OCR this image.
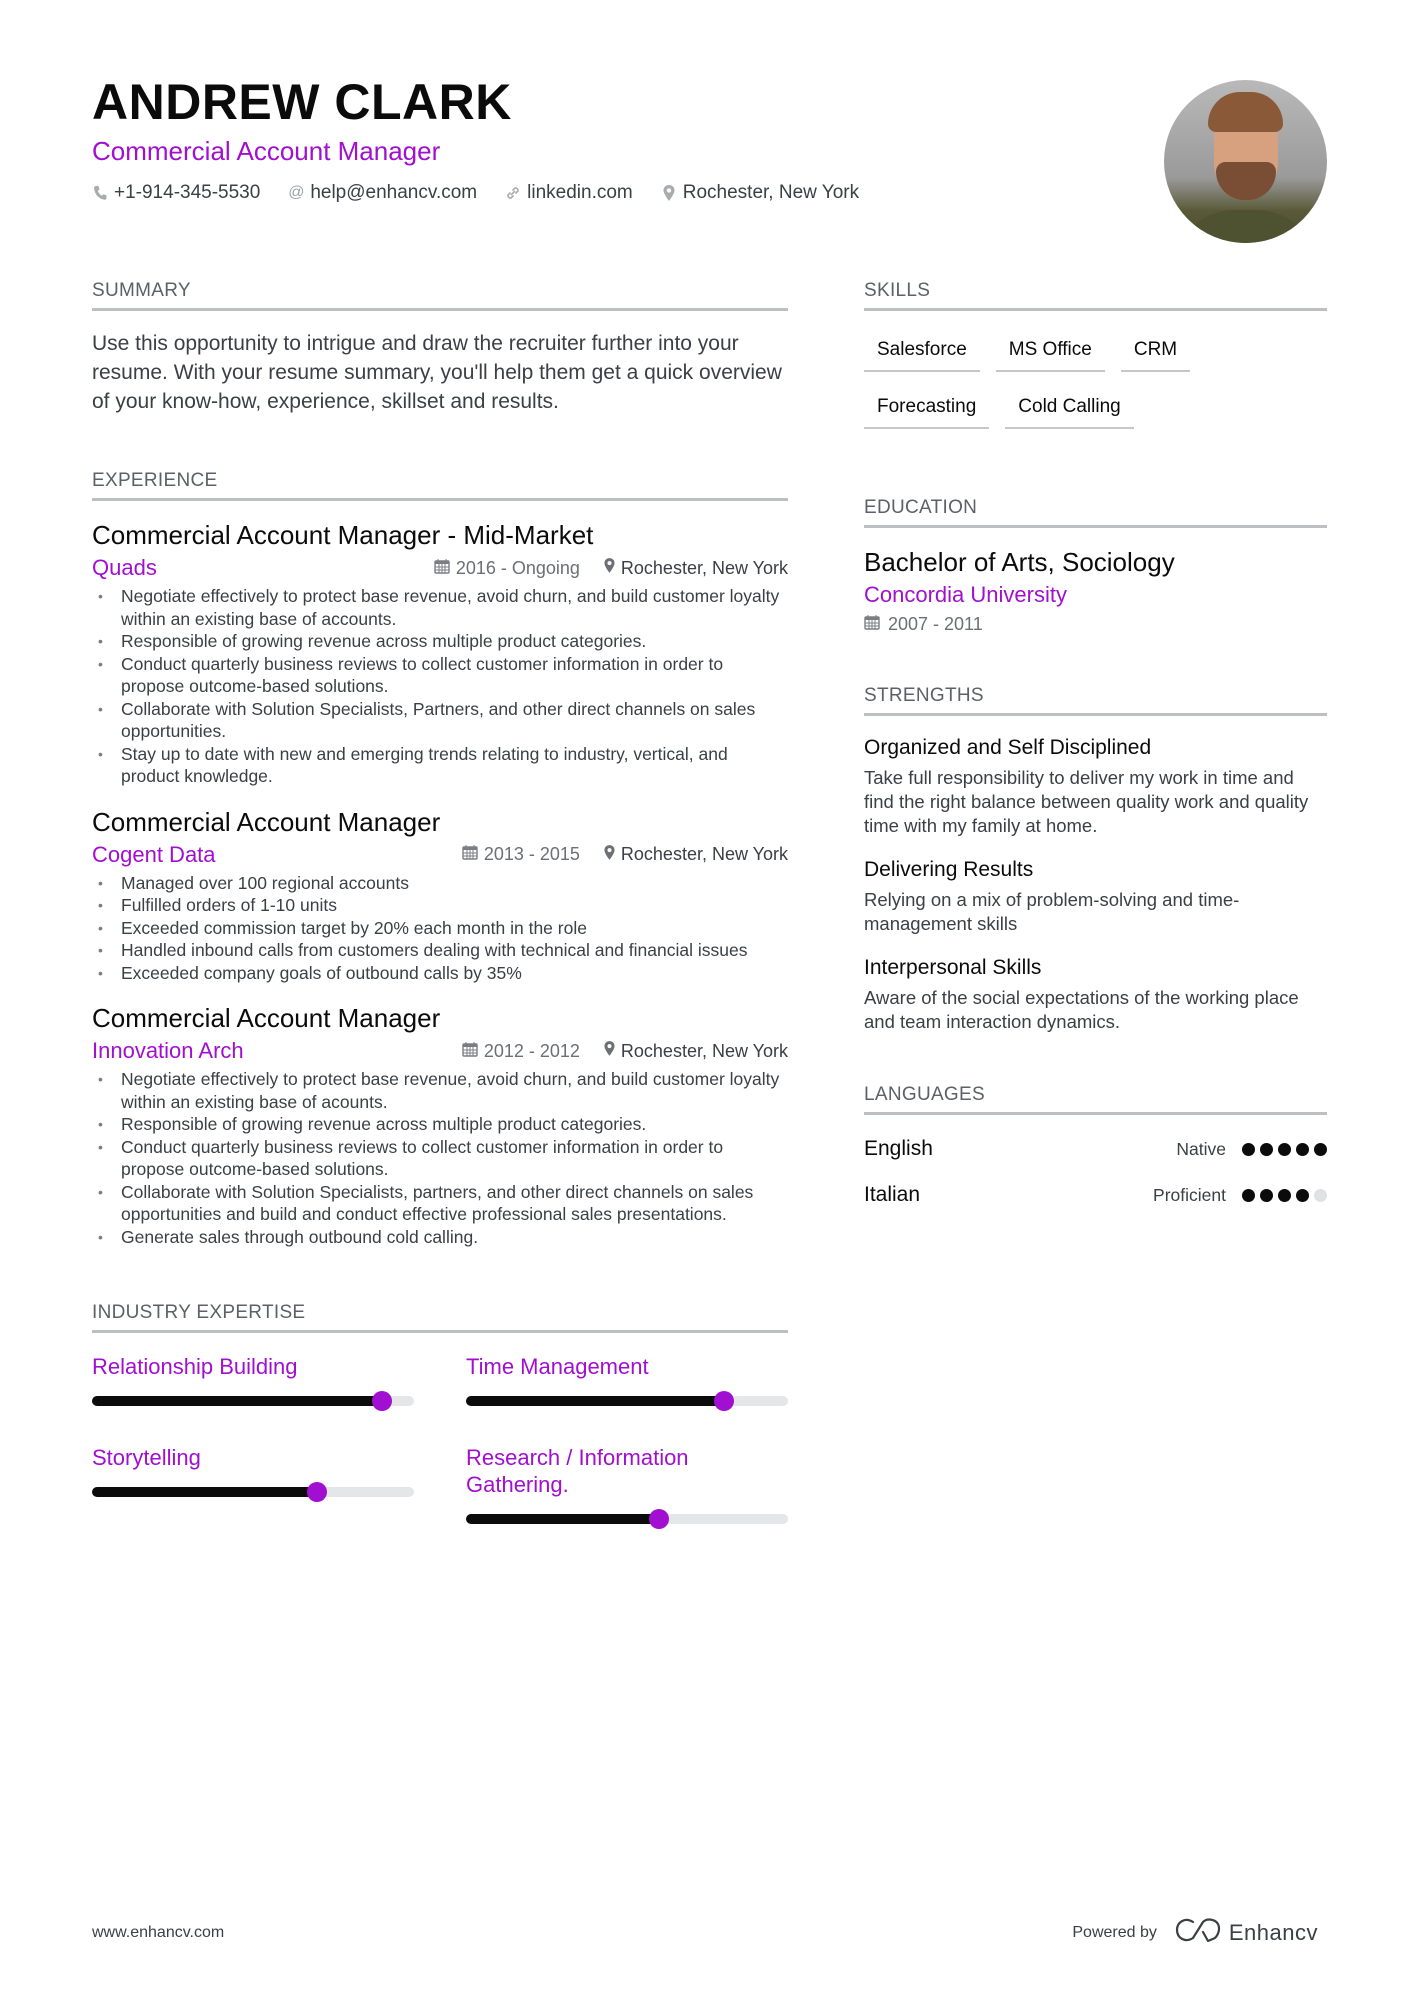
ANDREW CLARK
Commercial Account Manager
+1-914-345-5530 @ help@enhancv.com	linkedin.com	Rochester, New York
SUMMARY
Use this opportunity to intrigue and draw the recruiter further into your resume. With your resume summary, you'll help them get a quick overview of your know-how, experience, skillset and results.
EXPERIENCE
Commercial Account Manager - Mid-Market
Quads	2016 - Ongoing Rochester, New York
• Negotiate effectively to protect base revenue, avoid churn, and build customer loyalty within an existing base of accounts.
• Responsible of growing revenue across multiple product categories.
• Conduct quarterly business reviews to collect customer information in order to propose outcome-based solutions.
• Collaborate with Solution Specialists, Partners, and other direct channels on sales opportunities.
• Stay up to date with new and emerging trends relating to industry, vertical, and product knowledge.
Commercial Account Manager
Cogent Data	2013 - 2015 Rochester, New York
• Managed over 100 regional accounts
• Fulfilled orders of 1-10 units
• Exceeded commission target by 20% each month in the role
• Handled inbound calls from customers dealing with technical and financial issues
• Exceeded company goals of outbound calls by 35%
Commercial Account Manager
Innovation Arch	2012 - 2012 Rochester, New York
• Negotiate effectively to protect base revenue, avoid churn, and build customer loyalty within an existing base of acounts.
• Responsible of growing revenue across multiple product categories.
• Conduct quarterly business reviews to collect customer information in order to propose outcome-based solutions.
• Collaborate with Solution Specialists, partners, and other direct channels on sales opportunities and build and conduct effective professional sales presentations.
• Generate sales through outbound cold calling.
INDUSTRY EXPERTISE
Relationship Building	Time Management
Storytelling	Research / Information Gathering.
SKILLS
Salesforce	MS Office	CRM
Forecasting	Cold Calling
EDUCATION
Bachelor of Arts, Sociology
Concordia University
2007 - 2011
STRENGTHS
Organized and Self Disciplined
Take full responsibility to deliver my work in time and find the right balance between quality work and quality time with my family at home.
Delivering Results
Relying on a mix of problem-solving and time-management skills
Interpersonal Skills
Aware of the social expectations of the working place and team interaction dynamics.
LANGUAGES
English	Native
Italian	Proficient
www.enhancv.com	Powered by	Enhancv
